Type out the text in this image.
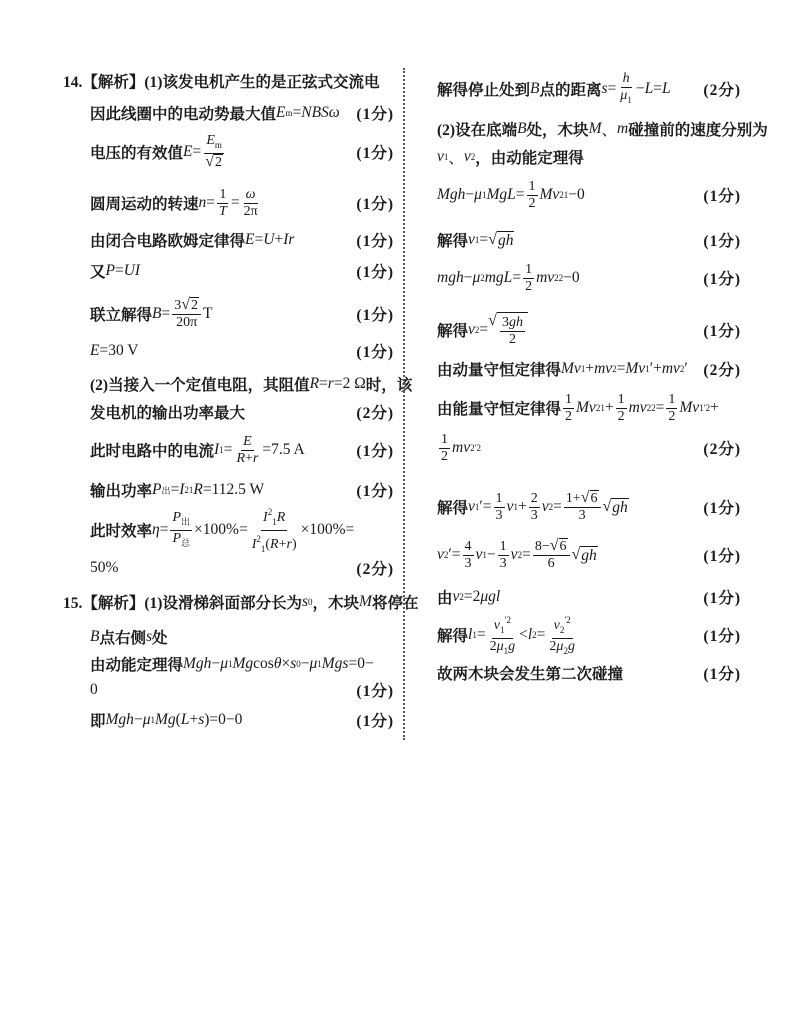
14.【解析】 (1)该发电机产生的是正弦式交流电
因此线圈中的电动势最大值 E m = NBSω (1分)
电压的有效值 $E = \frac{E_m}{√ 2}$	(1分)
圆周运动的转速 $n = \frac{1}{T} = \frac{\omega}{2\pi}$	(1分)
由闭合电路欧姆定律得 E = U + Ir	(1分)
又 P = UI	(1分)
联立解得 $B = \frac{3 √ 2}{20\pi}$ T	(1分)
E =30 V	(1分)
(2)当接入一个定值电阻，其阻值 R = r =2 Ω 时，该
发电机的输出功率最大	(2分)
此时电路中的电流 I $1 = \frac{E}{R+r} =7.5$ A	(1分)
输出功率 P 出 = I 2 1 R =112.5 W	(1分)
此时效率 $\eta = \frac{P_出}{P_总} \times 100\%= \frac{I^2_1R}{I^2_1(R+r)} \times 100\%=$
50%	(2分)
15.【解析】 (1)设滑梯斜面部分长为 s 0 ，木块 M 将停在
B 点右侧 s 处
由动能定理得 Mgh − μ 1 Mg cos θ × s 0 − μ 1 Mgs =0−
0	(1分)
即 Mgh − μ 1 Mg ( L + s )=0−0	(1分)
解得停止处到 B 点的距离 $s = \frac{h}{\mu_1} - L = L$ (2分)
(2)设在底端 B 处，木块 M 、 m 碰撞前的速度分别为
v 1 、 v 2 ，由动能定理得
Mgh − μ 1 MgL = $\frac{1}{2}$ Mv 2 1 −0	(1分)
解得 v 1 = √ gh	(1分)
mgh − μ 2 mgL = $\frac{1}{2}$ mv 2 2 −0	(1分)
解得 v 2 =
√ $\frac{3gh}{2}$	(1分)
由动量守恒定律得 Mv 1 + mv 2 = Mv 1 ′+ mv 2 ′ (2分)
由能量守恒定律得 $\frac{1}{2}$ Mv 2 $1 + \frac{1}{2}$ mv 2 $2 = \frac{1}{2}$ Mv 1 ′2 +
$\frac{1}{2}$ mv 2 ′2	(2分)
解得 v 1 ′= $\frac{1}{3}$ v $1 + \frac{2}{3}$ v $2 = \frac{1+ √ 6}{3}$ √ gh	(1分)
v 2 ′= $\frac{4}{3}$ v $1 - \frac{1}{3}$ v $2 = \frac{8- √ 6}{6}$ √ gh	(1分)
由 v 2 =2 μgl	(1分)
解得 l $1 = \frac{v_1^{'2}}{2\mu_1g} < l$ $2 = \frac{v_2^{'2}}{2\mu_2g}$	(1分)
故两木块会发生第二次碰撞	(1分)
